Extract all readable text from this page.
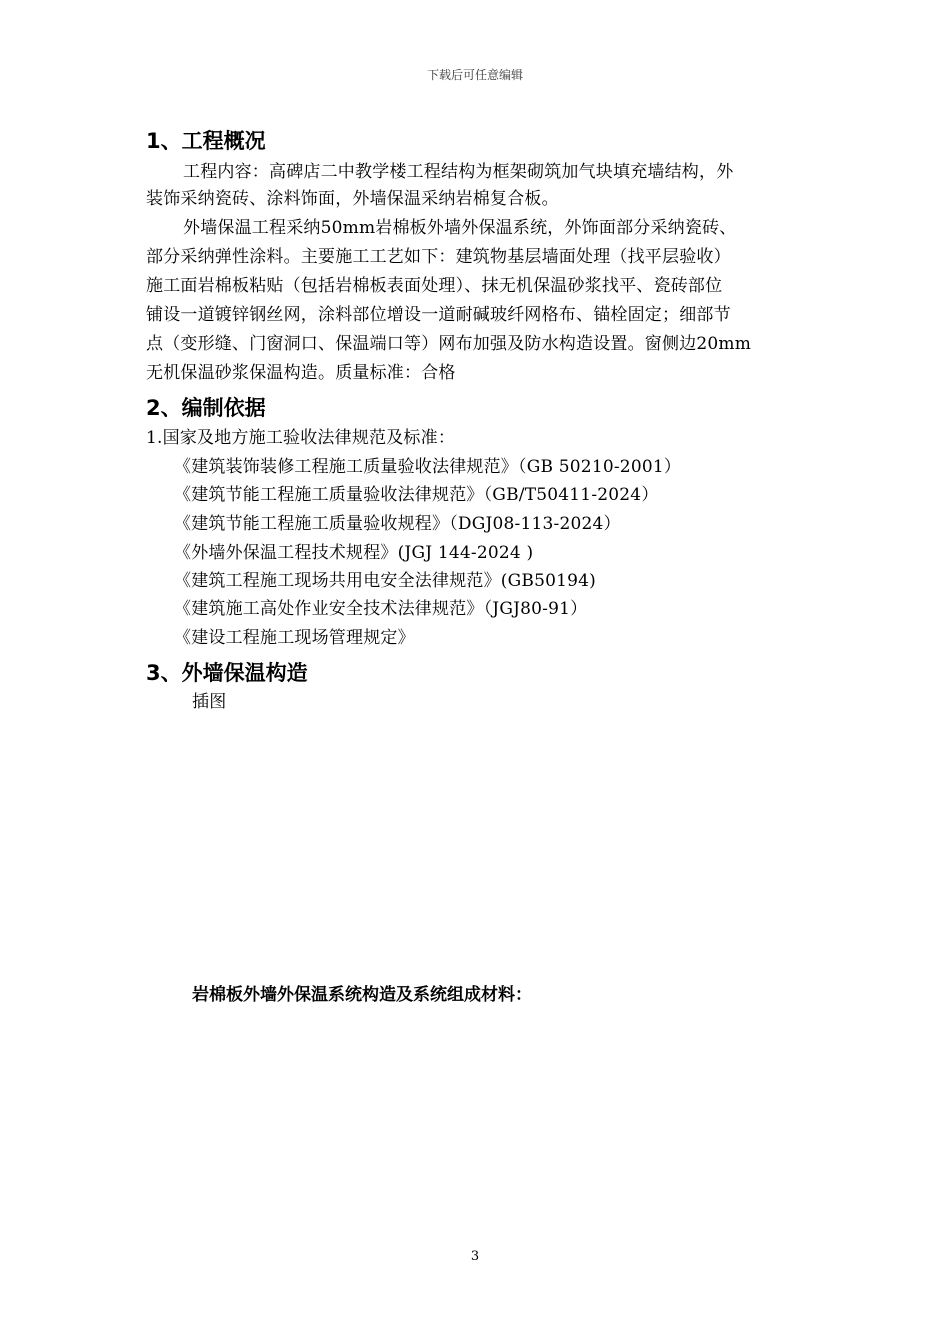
下载后可任意编辑
1、工程概况
工程内容：高碑店二中教学楼工程结构为框架砌筑加气块填充墙结构，外
装饰采纳瓷砖、涂料饰面，外墙保温采纳岩棉复合板。
外墙保温工程采纳50mm岩棉板外墙外保温系统，外饰面部分采纳瓷砖、
部分采纳弹性涂料。主要施工工艺如下：建筑物基层墙面处理（找平层验收）
施工面岩棉板粘贴（包括岩棉板表面处理）、抹无机保温砂浆找平、瓷砖部位
铺设一道镀锌钢丝网，涂料部位增设一道耐碱玻纤网格布、锚栓固定；细部节
点（变形缝、门窗洞口、保温端口等）网布加强及防水构造设置。窗侧边20mm
无机保温砂浆保温构造。质量标准：合格
2、编制依据
1.国家及地方施工验收法律规范及标准：
《建筑装饰装修工程施工质量验收法律规范》（GB 50210-2001）
《建筑节能工程施工质量验收法律规范》（GB/T50411-2024）
《建筑节能工程施工质量验收规程》（DGJ08-113-2024）
《外墙外保温工程技术规程》(JGJ 144-2024 )
《建筑工程施工现场共用电安全法律规范》(GB50194)
《建筑施工高处作业安全技术法律规范》（JGJ80-91）
《建设工程施工现场管理规定》
3、外墙保温构造
插图
岩棉板外墙外保温系统构造及系统组成材料：
3
